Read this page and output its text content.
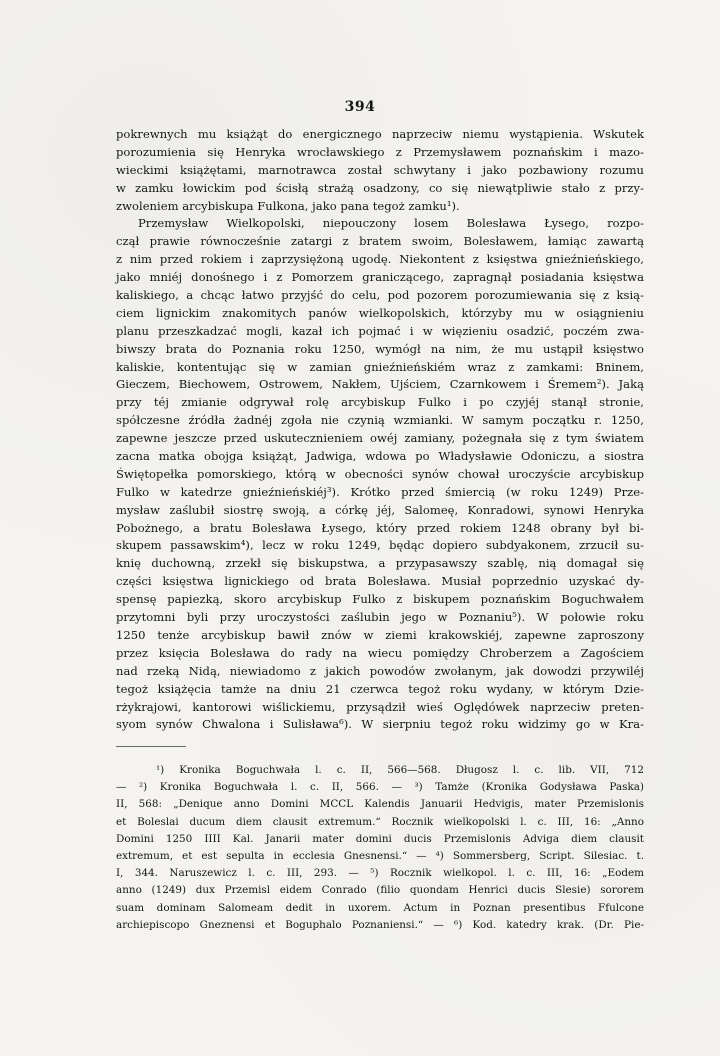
394
pokrewnych mu książąt do energicznego naprzeciw niemu wystąpienia. Wskutek
porozumienia się Henryka wrocławskiego z Przemysławem poznańskim i mazo-
wieckimi książętami, marnotrawca został schwytany i jako pozbawiony rozumu
w zamku łowickim pod ścisłą strażą osadzony, co się niewątpliwie stało z przy-
zwoleniem arcybiskupa Fulkona, jako pana tegoż zamku¹).
Przemysław Wielkopolski, niepouczony losem Bolesława Łysego, rozpo-
czął prawie równocześnie zatargi z bratem swoim, Bolesławem, łamiąc zawartą
z nim przed rokiem i zaprzysiężoną ugodę. Niekontent z księstwa gnieźnieńskiego,
jako mniéj donośnego i z Pomorzem graniczącego, zapragnął posiadania księstwa
kaliskiego, a chcąc łatwo przyjść do celu, pod pozorem porozumiewania się z ksią-
ciem lignickim znakomitych panów wielkopolskich, którzyby mu w osiągnieniu
planu przeszkadzać mogli, kazał ich pojmać i w więzieniu osadzić, poczém zwa-
biwszy brata do Poznania roku 1250, wymógł na nim, że mu ustąpił księstwo
kaliskie, kontentując się w zamian gnieźnieńskiém wraz z zamkami: Bninem,
Gieczem, Biechowem, Ostrowem, Nakłem, Ujściem, Czarnkowem i Śremem²). Jaką
przy téj zmianie odgrywał rolę arcybiskup Fulko i po czyjéj stanął stronie,
spółczesne źródła żadnéj zgoła nie czynią wzmianki. W samym początku r. 1250,
zapewne jeszcze przed uskutecznieniem owéj zamiany, pożegnała się z tym światem
zacna matka obojga książąt, Jadwiga, wdowa po Władysławie Odoniczu, a siostra
Świętopełka pomorskiego, którą w obecności synów chował uroczyście arcybiskup
Fulko w katedrze gnieźnieńskiéj³). Krótko przed śmiercią (w roku 1249) Prze-
mysław zaślubił siostrę swoją, a córkę jéj, Salomeę, Konradowi, synowi Henryka
Pobożnego, a bratu Bolesława Łysego, który przed rokiem 1248 obrany był bi-
skupem passawskim⁴), lecz w roku 1249, będąc dopiero subdyakonem, zrzucił su-
knię duchowną, zrzekł się biskupstwa, a przypasawszy szablę, nią domagał się
części księstwa lignickiego od brata Bolesława. Musiał poprzednio uzyskać dy-
spensę papiezką, skoro arcybiskup Fulko z biskupem poznańskim Boguchwałem
przytomni byli przy uroczystości zaślubin jego w Poznaniu⁵). W połowie roku
1250 tenże arcybiskup bawił znów w ziemi krakowskiéj, zapewne zaproszony
przez księcia Bolesława do rady na wiecu pomiędzy Chroberzem a Zagościem
nad rzeką Nidą, niewiadomo z jakich powodów zwołanym, jak dowodzi przywiléj
tegoż książęcia tamże na dniu 21 czerwca tegoż roku wydany, w którym Dzie-
rżykrajowi, kantorowi wiślickiemu, przysądził wieś Oględówek naprzeciw preten-
syom synów Chwalona i Sulisława⁶). W sierpniu tegoż roku widzimy go w Kra-
¹) Kronika Boguchwała l. c. II, 566—568. Długosz l. c. lib. VII, 712
— ²) Kronika Boguchwała l. c. II, 566. — ³) Tamże (Kronika Godysława Paska)
II, 568: „Denique anno Domini MCCL Kalendis Januarii Hedvigis, mater Przemislonis
et Boleslai ducum diem clausit extremum.“ Rocznik wielkopolski l. c. III, 16: „Anno
Domini 1250 IIII Kal. Janarii mater domini ducis Przemislonis Adviga diem clausit
extremum, et est sepulta in ecclesia Gnesnensi.“ — ⁴) Sommersberg, Script. Silesiac. t.
I, 344. Naruszewicz l. c. III, 293. — ⁵) Rocznik wielkopol. l. c. III, 16: „Eodem
anno (1249) dux Przemisl eidem Conrado (filio quondam Henrici ducis Slesie) sororem
suam dominam Salomeam dedit in uxorem. Actum in Poznan presentibus Ffulcone
archiepiscopo Gneznensi et Boguphalo Poznaniensi.“ — ⁶) Kod. katedry krak. (Dr. Pie-
